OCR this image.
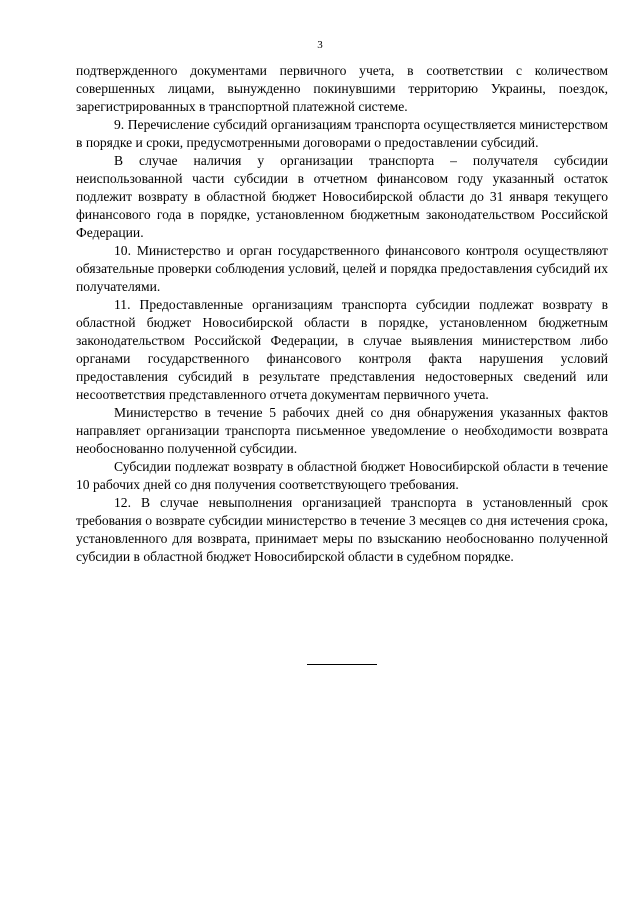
3

подтвержденного документами первичного учета, в соответствии с количеством совершенных лицами, вынужденно покинувшими территорию Украины, поездок, зарегистрированных в транспортной платежной системе.

9. Перечисление субсидий организациям транспорта осуществляется министерством в порядке и сроки, предусмотренными договорами о предоставлении субсидий.

В случае наличия у организации транспорта – получателя субсидии неиспользованной части субсидии в отчетном финансовом году указанный остаток подлежит возврату в областной бюджет Новосибирской области до 31 января текущего финансового года в порядке, установленном бюджетным законодательством Российской Федерации.

10. Министерство и орган государственного финансового контроля осуществляют обязательные проверки соблюдения условий, целей и порядка предоставления субсидий их получателями.

11. Предоставленные организациям транспорта субсидии подлежат возврату в областной бюджет Новосибирской области в порядке, установленном бюджетным законодательством Российской Федерации, в случае выявления министерством либо органами государственного финансового контроля факта нарушения условий предоставления субсидий в результате представления недостоверных сведений или несоответствия представленного отчета документам первичного учета.

Министерство в течение 5 рабочих дней со дня обнаружения указанных фактов направляет организации транспорта письменное уведомление о необходимости возврата необоснованно полученной субсидии.

Субсидии подлежат возврату в областной бюджет Новосибирской области в течение 10 рабочих дней со дня получения соответствующего требования.

12. В случае невыполнения организацией транспорта в установленный срок требования о возврате субсидии министерство в течение 3 месяцев со дня истечения срока, установленного для возврата, принимает меры по взысканию необоснованно полученной субсидии в областной бюджет Новосибирской области в судебном порядке.
